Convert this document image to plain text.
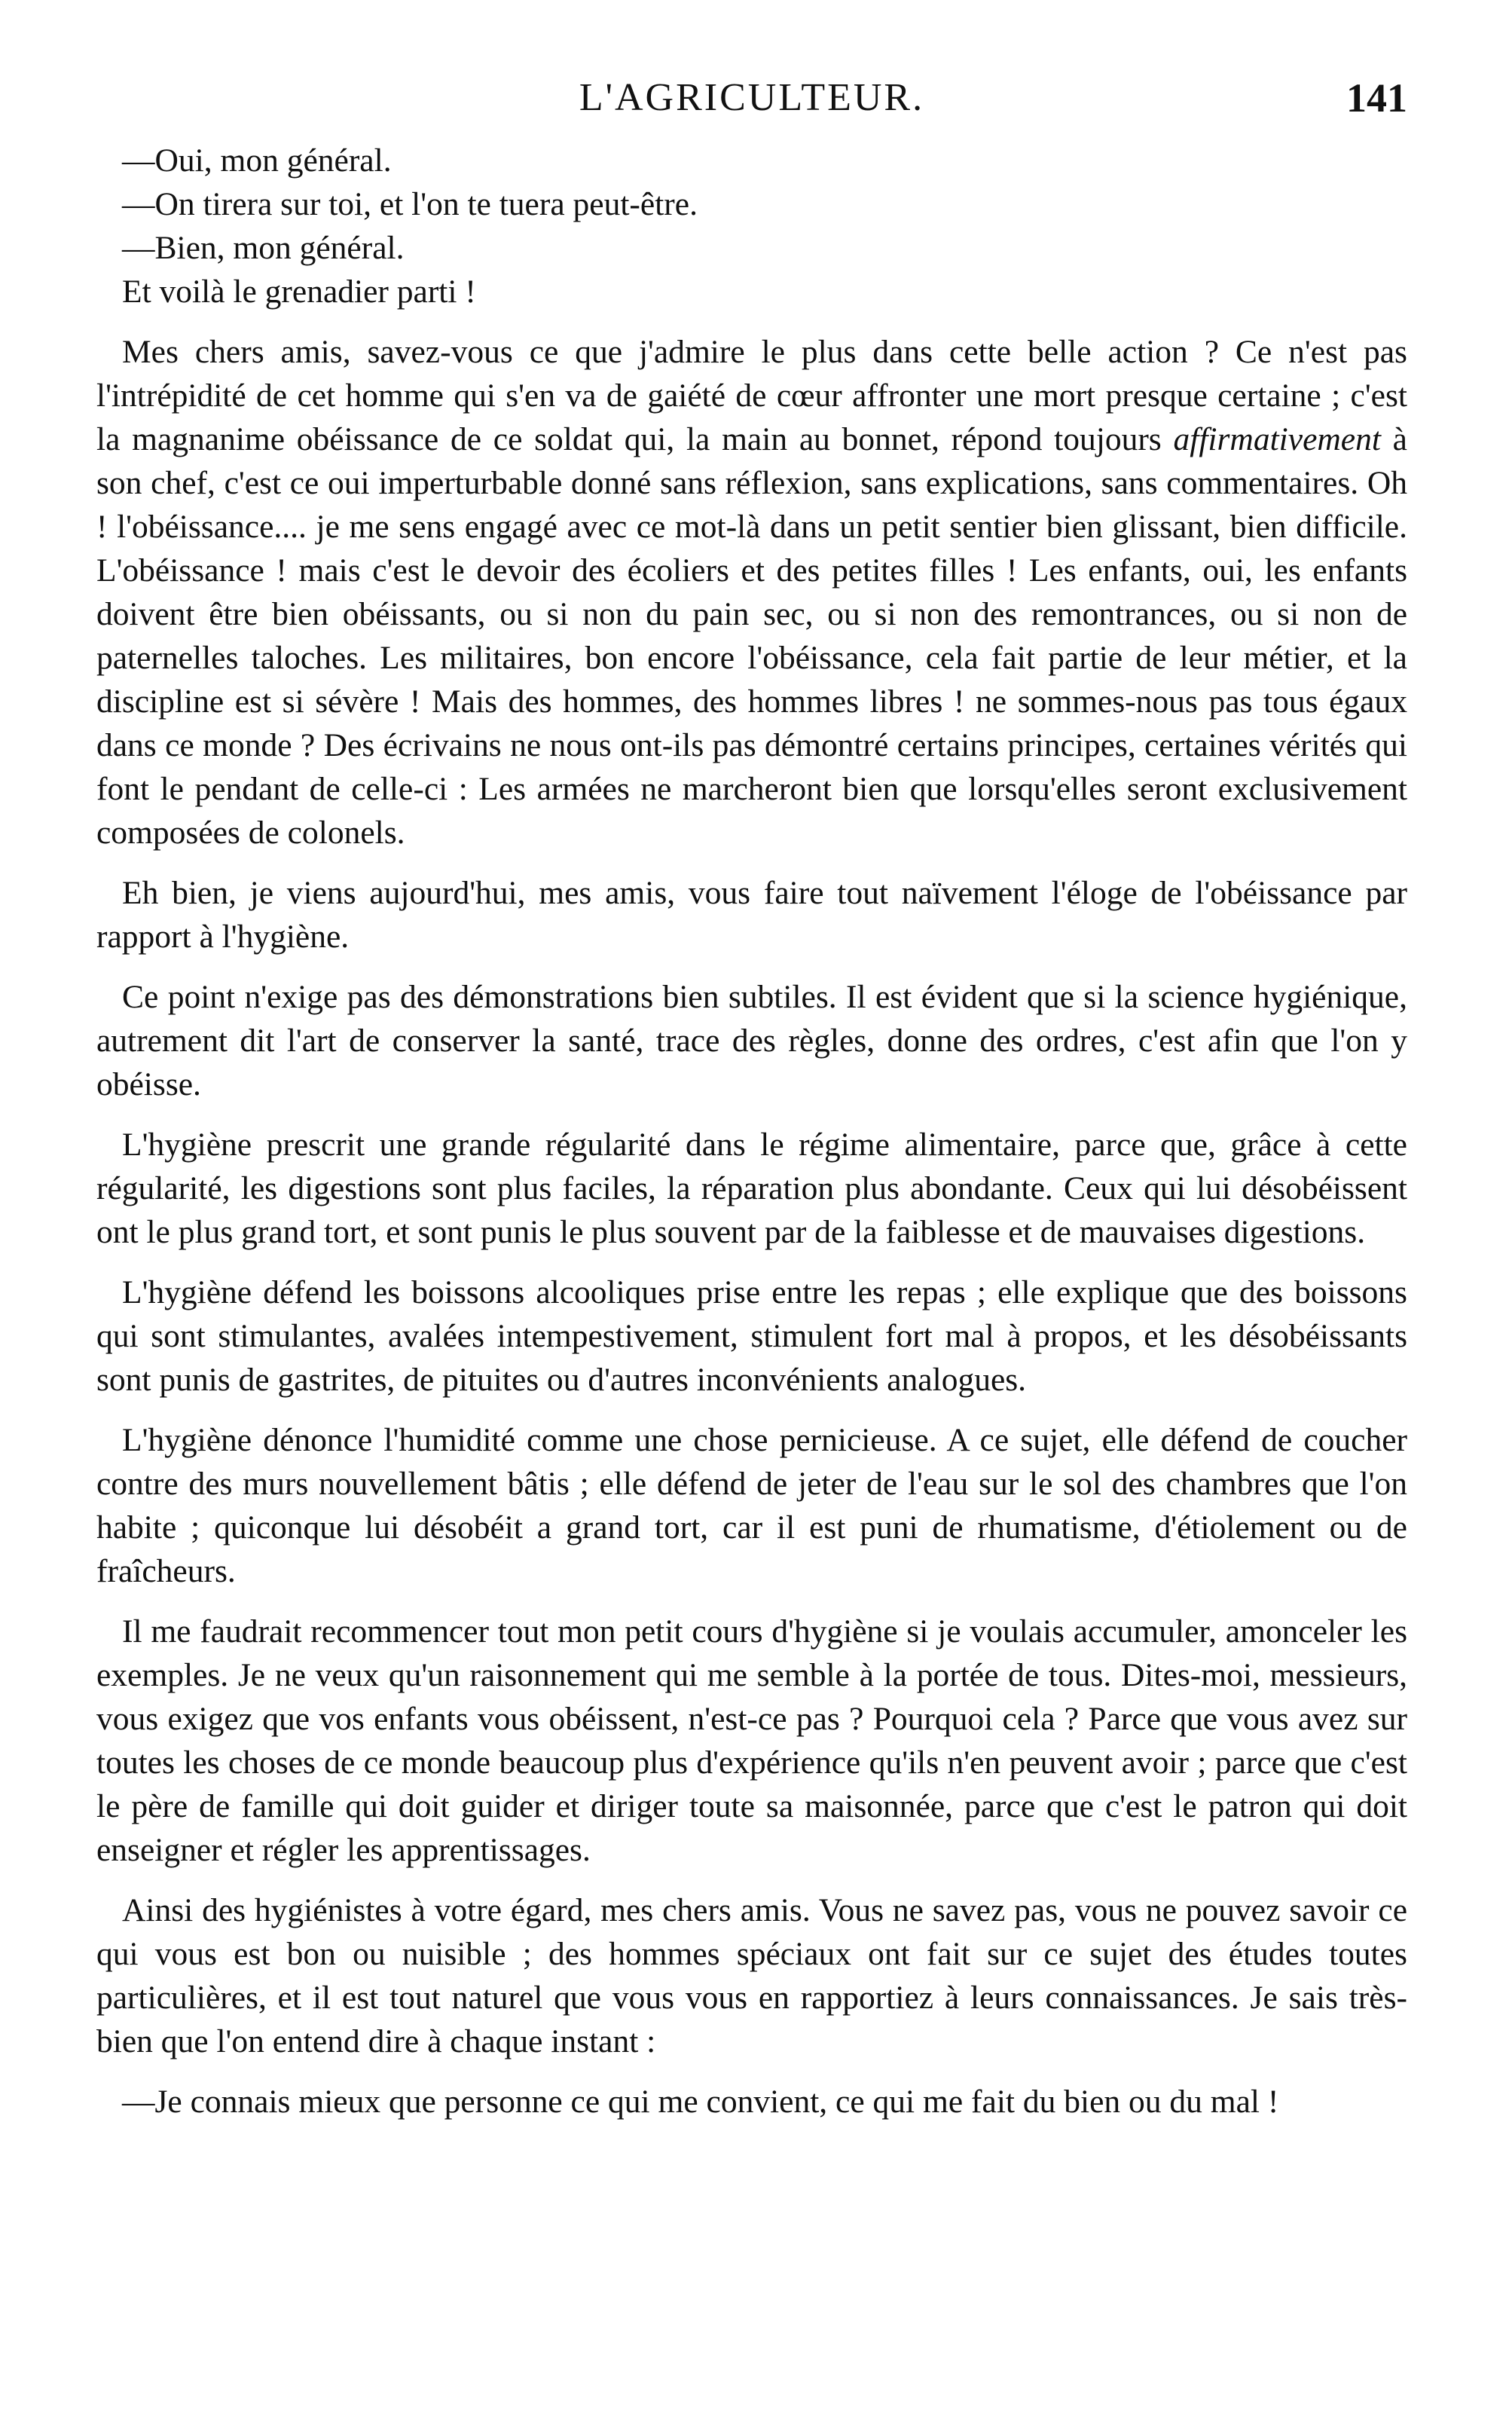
L'AGRICULTEUR.	141

—Oui, mon général.

—On tirera sur toi, et l'on te tuera peut-être.

—Bien, mon général.

Et voilà le grenadier parti !

Mes chers amis, savez-vous ce que j'admire le plus dans cette belle action ? Ce n'est pas l'intrépidité de cet homme qui s'en va de gaiété de cœur affronter une mort presque certaine ; c'est la magnanime obéissance de ce soldat qui, la main au bonnet, répond toujours affirmativement à son chef, c'est ce oui imperturbable donné sans réflexion, sans explications, sans commentaires. Oh ! l'obéissance.... je me sens engagé avec ce mot-là dans un petit sentier bien glissant, bien difficile. L'obéissance ! mais c'est le devoir des écoliers et des petites filles ! Les enfants, oui, les enfants doivent être bien obéissants, ou si non du pain sec, ou si non des remontrances, ou si non de paternelles taloches. Les militaires, bon encore l'obéissance, cela fait partie de leur métier, et la discipline est si sévère ! Mais des hommes, des hommes libres ! ne sommes-nous pas tous égaux dans ce monde ? Des écrivains ne nous ont-ils pas démontré certains principes, certaines vérités qui font le pendant de celle-ci : Les armées ne marcheront bien que lorsqu'elles seront exclusivement composées de colonels.

Eh bien, je viens aujourd'hui, mes amis, vous faire tout naïvement l'éloge de l'obéissance par rapport à l'hygiène.

Ce point n'exige pas des démonstrations bien subtiles. Il est évident que si la science hygiénique, autrement dit l'art de conserver la santé, trace des règles, donne des ordres, c'est afin que l'on y obéisse.

L'hygiène prescrit une grande régularité dans le régime alimentaire, parce que, grâce à cette régularité, les digestions sont plus faciles, la réparation plus abondante. Ceux qui lui désobéissent ont le plus grand tort, et sont punis le plus souvent par de la faiblesse et de mauvaises digestions.

L'hygiène défend les boissons alcooliques prise entre les repas ; elle explique que des boissons qui sont stimulantes, avalées intempestivement, stimulent fort mal à propos, et les désobéissants sont punis de gastrites, de pituites ou d'autres inconvénients analogues.

L'hygiène dénonce l'humidité comme une chose pernicieuse. A ce sujet, elle défend de coucher contre des murs nouvellement bâtis ; elle défend de jeter de l'eau sur le sol des chambres que l'on habite ; quiconque lui désobéit a grand tort, car il est puni de rhumatisme, d'étiolement ou de fraîcheurs.

Il me faudrait recommencer tout mon petit cours d'hygiène si je voulais accumuler, amonceler les exemples. Je ne veux qu'un raisonnement qui me semble à la portée de tous. Dites-moi, messieurs, vous exigez que vos enfants vous obéissent, n'est-ce pas ? Pourquoi cela ? Parce que vous avez sur toutes les choses de ce monde beaucoup plus d'expérience qu'ils n'en peuvent avoir ; parce que c'est le père de famille qui doit guider et diriger toute sa maisonnée, parce que c'est le patron qui doit enseigner et régler les apprentissages.

Ainsi des hygiénistes à votre égard, mes chers amis. Vous ne savez pas, vous ne pouvez savoir ce qui vous est bon ou nuisible ; des hommes spéciaux ont fait sur ce sujet des études toutes particulières, et il est tout naturel que vous vous en rapportiez à leurs connaissances. Je sais très-bien que l'on entend dire à chaque instant :

—Je connais mieux que personne ce qui me convient, ce qui me fait du bien ou du mal !
